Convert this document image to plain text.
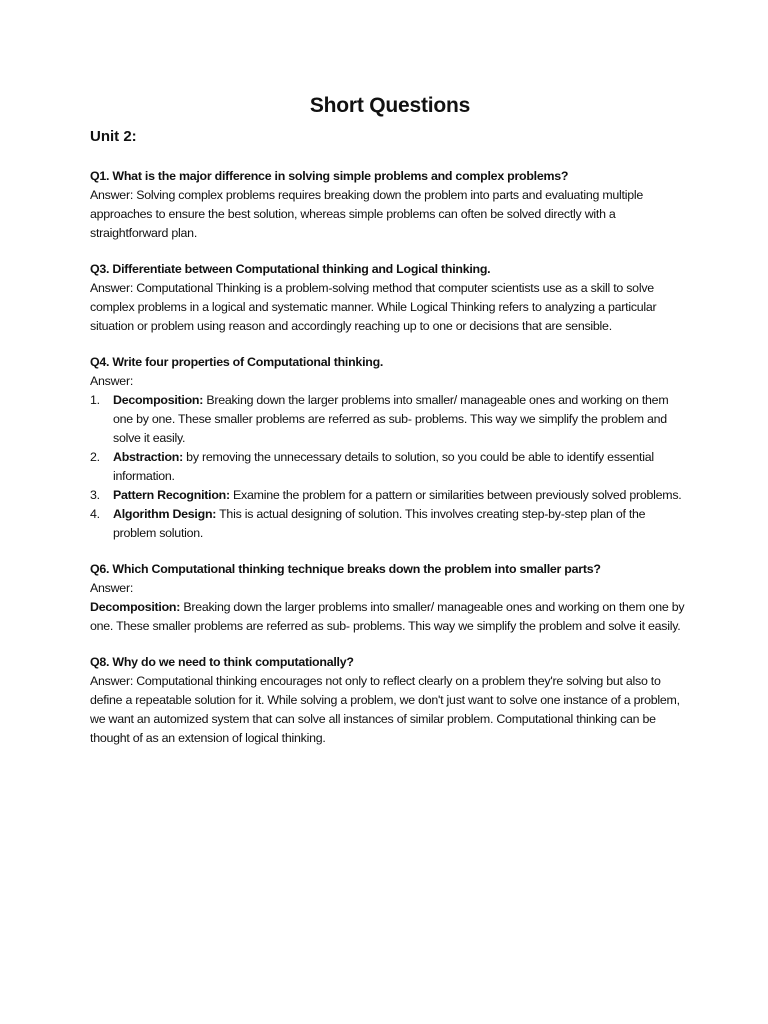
Short Questions
Unit 2:
Q1. What is the major difference in solving simple problems and complex problems?

Answer: Solving complex problems requires breaking down the problem into parts and evaluating multiple approaches to ensure the best solution, whereas simple problems can often be solved directly with a straightforward plan.

Q3. Differentiate between Computational thinking and Logical thinking.

Answer: Computational Thinking is a problem-solving method that computer scientists use as a skill to solve complex problems in a logical and systematic manner. While Logical Thinking refers to analyzing a particular situation or problem using reason and accordingly reaching up to one or decisions that are sensible.

Q4. Write four properties of Computational thinking.
Answer:
1. Decomposition: Breaking down the larger problems into smaller/ manageable ones and working on them one by one. These smaller problems are referred as sub- problems. This way we simplify the problem and solve it easily.
2. Abstraction: by removing the unnecessary details to solution, so you could be able to identify essential information.
3. Pattern Recognition: Examine the problem for a pattern or similarities between previously solved problems.
4. Algorithm Design: This is actual designing of solution. This involves creating step-by-step plan of the problem solution.
Q6. Which Computational thinking technique breaks down the problem into smaller parts?
Answer:

Decomposition: Breaking down the larger problems into smaller/ manageable ones and working on them one by one. These smaller problems are referred as sub- problems. This way we simplify the problem and solve it easily.

Q8. Why do we need to think computationally?

Answer: Computational thinking encourages not only to reflect clearly on a problem they're solving but also to define a repeatable solution for it. While solving a problem, we don't just want to solve one instance of a problem, we want an automized system that can solve all instances of similar problem. Computational thinking can be thought of as an extension of logical thinking.
